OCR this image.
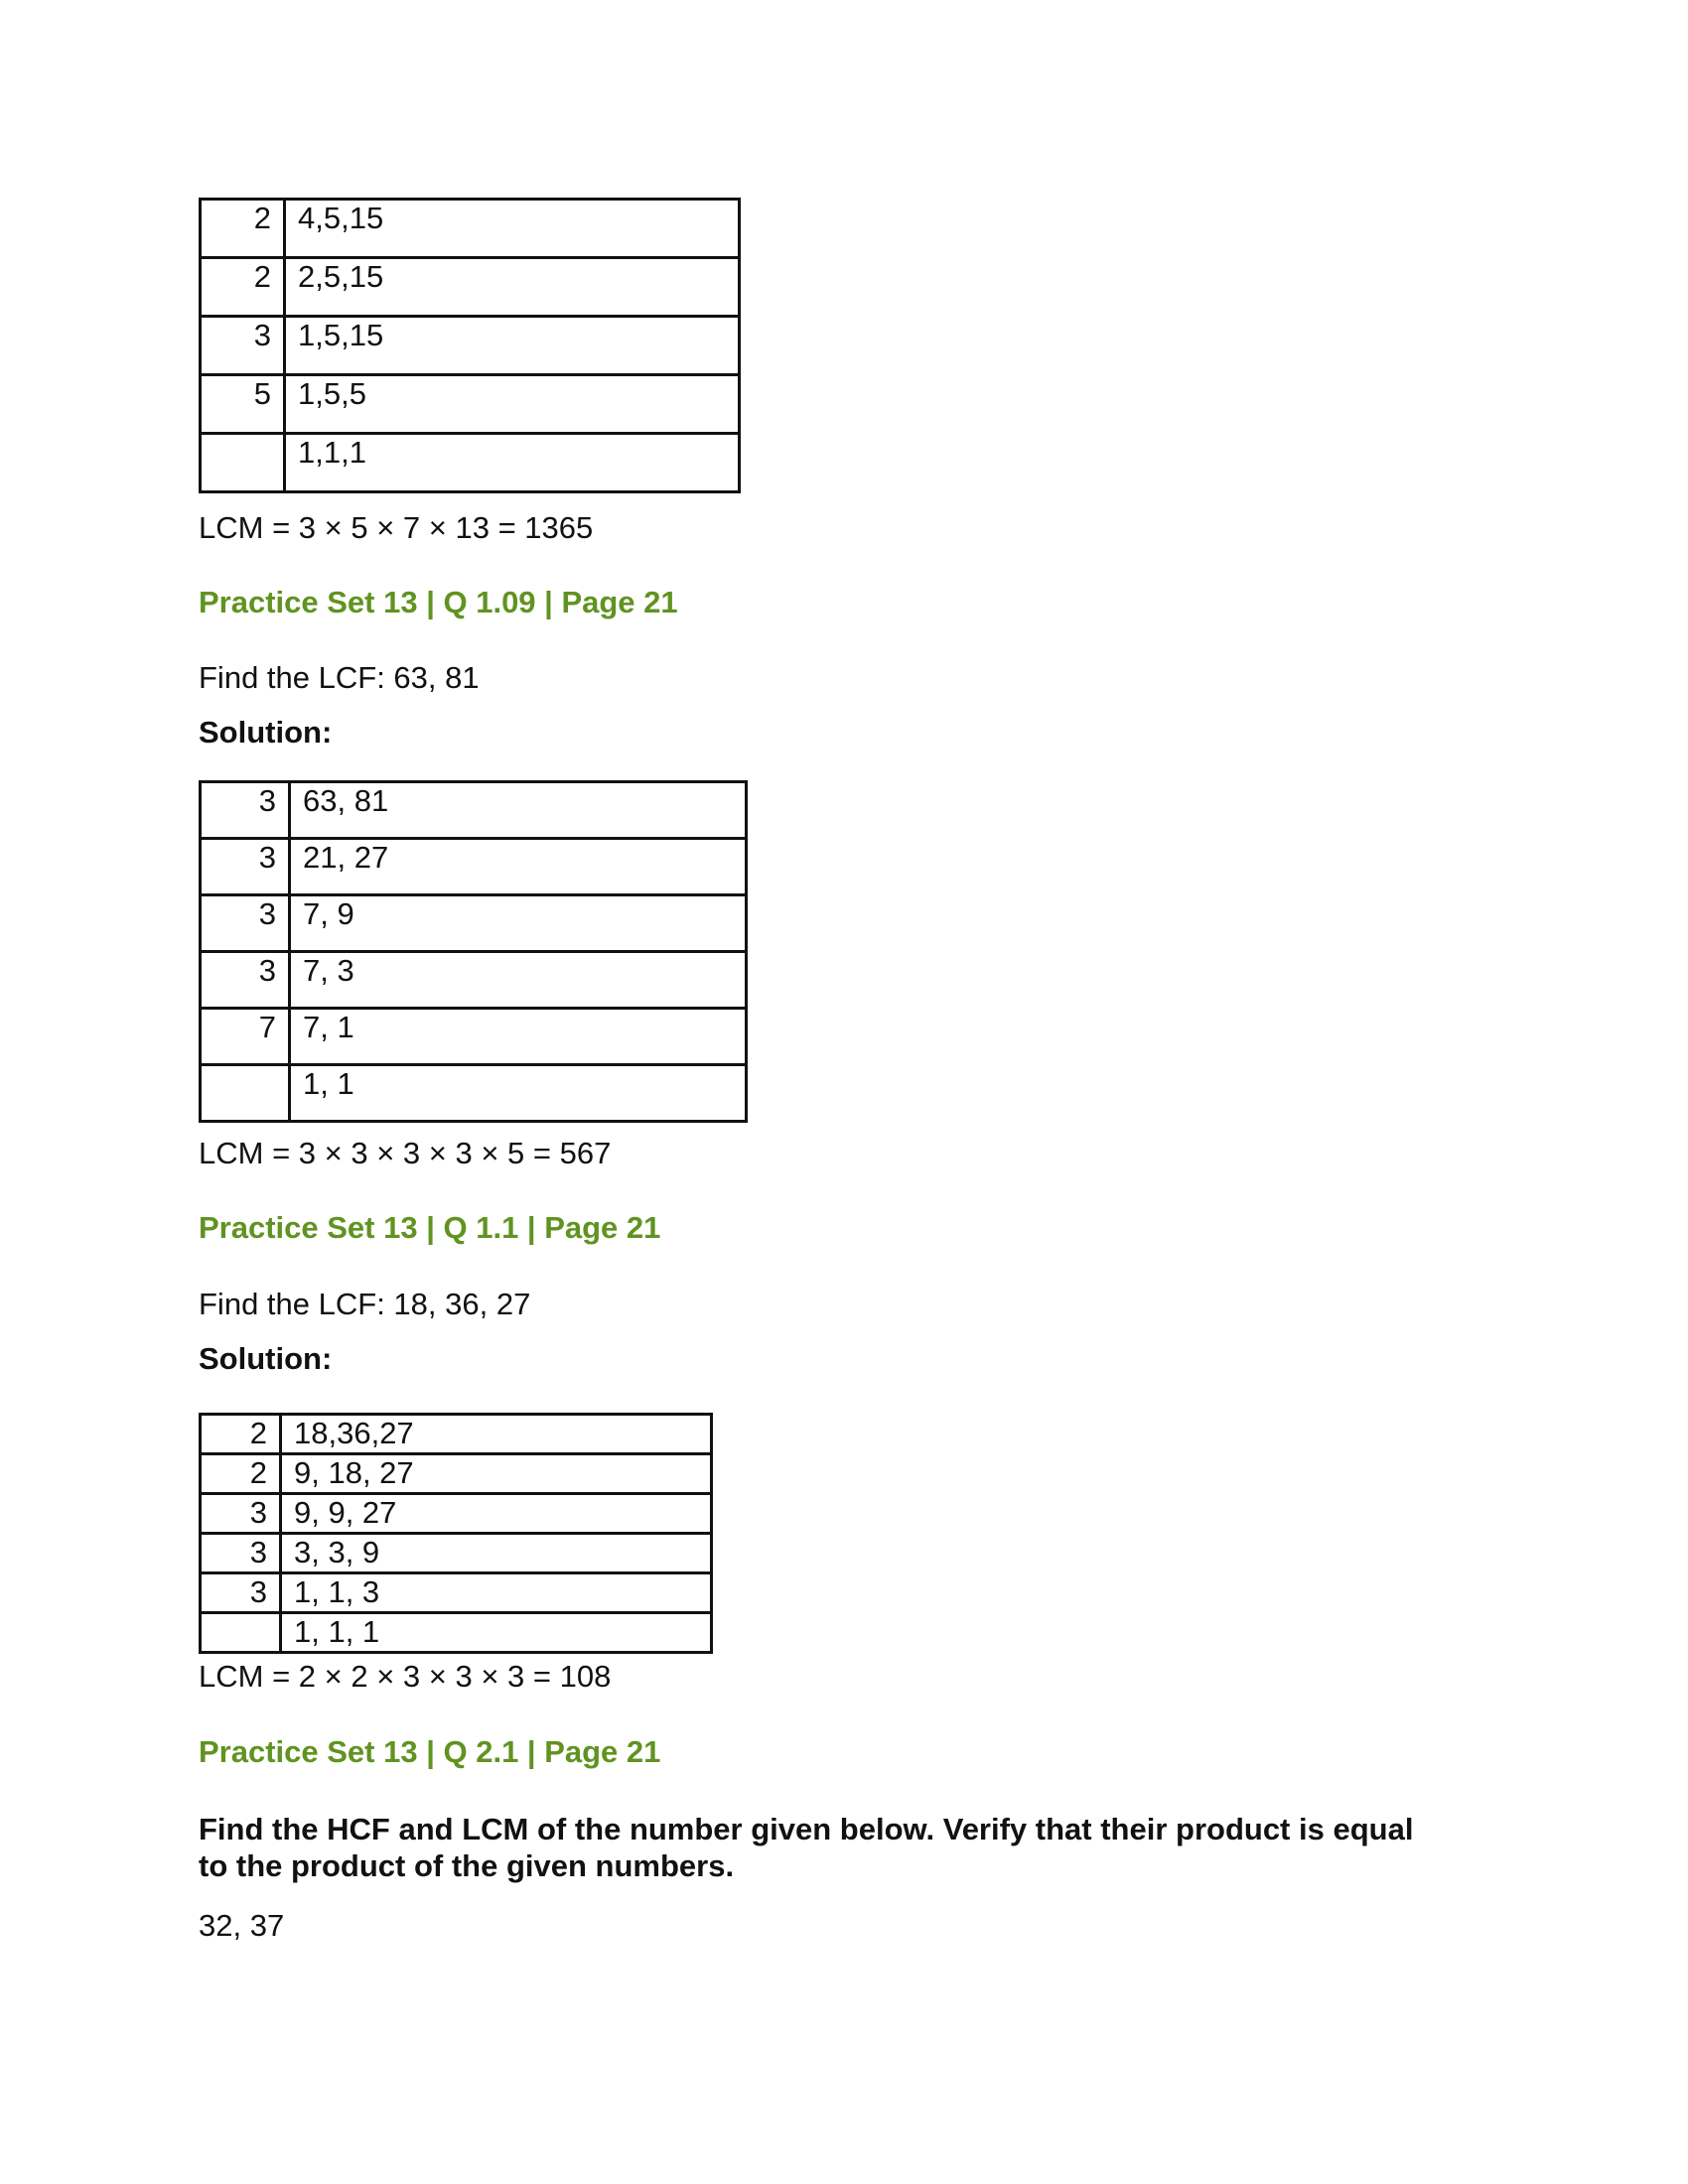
2	4,5,15
2	2,5,15
3	1,5,15
5	1,5,5
	1,1,1
LCM = 3 × 5 × 7 × 13 = 1365
Practice Set 13 | Q 1.09 | Page 21
Find the LCF: 63, 81
Solution:
3	63, 81
3	21, 27
3	7, 9
3	7, 3
7	7, 1
	1, 1
LCM = 3 × 3 × 3 × 3 × 5 = 567
Practice Set 13 | Q 1.1 | Page 21
Find the LCF: 18, 36, 27
Solution:
2	18,36,27
2	9, 18, 27
3	9, 9, 27
3	3, 3, 9
3	1, 1, 3
	1, 1, 1
LCM = 2 × 2 × 3 × 3 × 3 = 108
Practice Set 13 | Q 2.1 | Page 21
Find the HCF and LCM of the number given below. Verify that their product is equal to the product of the given numbers.
32, 37
